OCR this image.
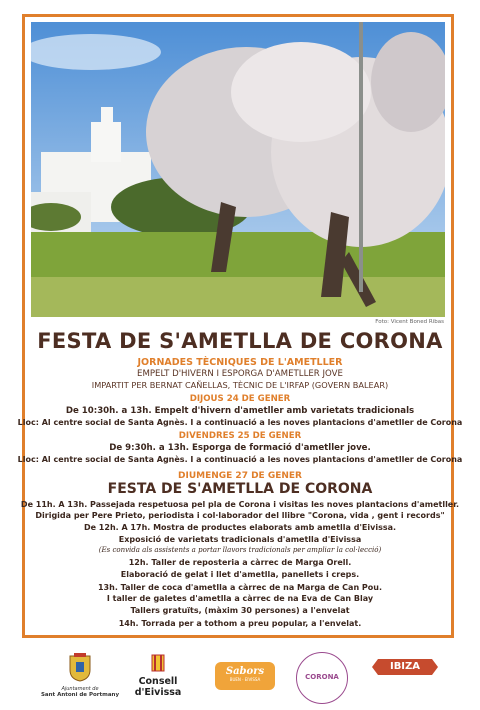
Foto: Vicent Boned Ribas
FESTA DE S'AMETLLA DE CORONA
JORNADES TÈCNIQUES DE L'AMETLLER
EMPELT D'HIVERN I ESPORGA D'AMETLLER JOVE
IMPARTIT PER BERNAT CAÑELLAS, TÈCNIC DE L'IRFAP (GOVERN BALEAR)
DIJOUS 24 DE GENER
De 10:30h. a 13h. Empelt d'hivern d'ametller amb varietats tradicionals
Lloc: Al centre social de Santa Agnès. I a continuació a les noves plantacions d'ametller de Corona
DIVENDRES 25 DE GENER
De 9:30h. a 13h. Esporga de formació d'ametller jove.
Lloc: Al centre social de Santa Agnès. I a continuació a les noves plantacions d'ametller de Corona
DIUMENGE 27 DE GENER
FESTA DE S'AMETLLA DE CORONA
De 11h. A 13h. Passejada respetuosa pel pla de Corona i visitas les noves plantacions d'ametller.
Dirigida per Pere Prieto, periodista i col·laborador del llibre "Corona, vida , gent i records"
De 12h. A 17h. Mostra de productes elaborats amb ametlla d'Eivissa.
Exposició de varietats tradicionals d'ametlla d'Eivissa
(Es convida als assistents a portar llavors tradicionals per ampliar la col·lecció)
12h. Taller de reposteria a càrrec de Marga Orell.
Elaboració de gelat i llet d'ametlla, panellets i creps.
13h. Taller de coca d'ametlla a càrrec de na Marga de Can Pou.
I taller de galetes d'ametlla a càrrec de na Eva de Can Blay
Tallers gratuïts, (màxim 30 persones) a l'envelat
14h. Torrada per a tothom a preu popular, a l'envelat.
Ajuntament de
Sant Antoni de Portmany
Consell
d'Eivissa
Sabors
BUEN · EIVISSA	CORONA
IBIZA
